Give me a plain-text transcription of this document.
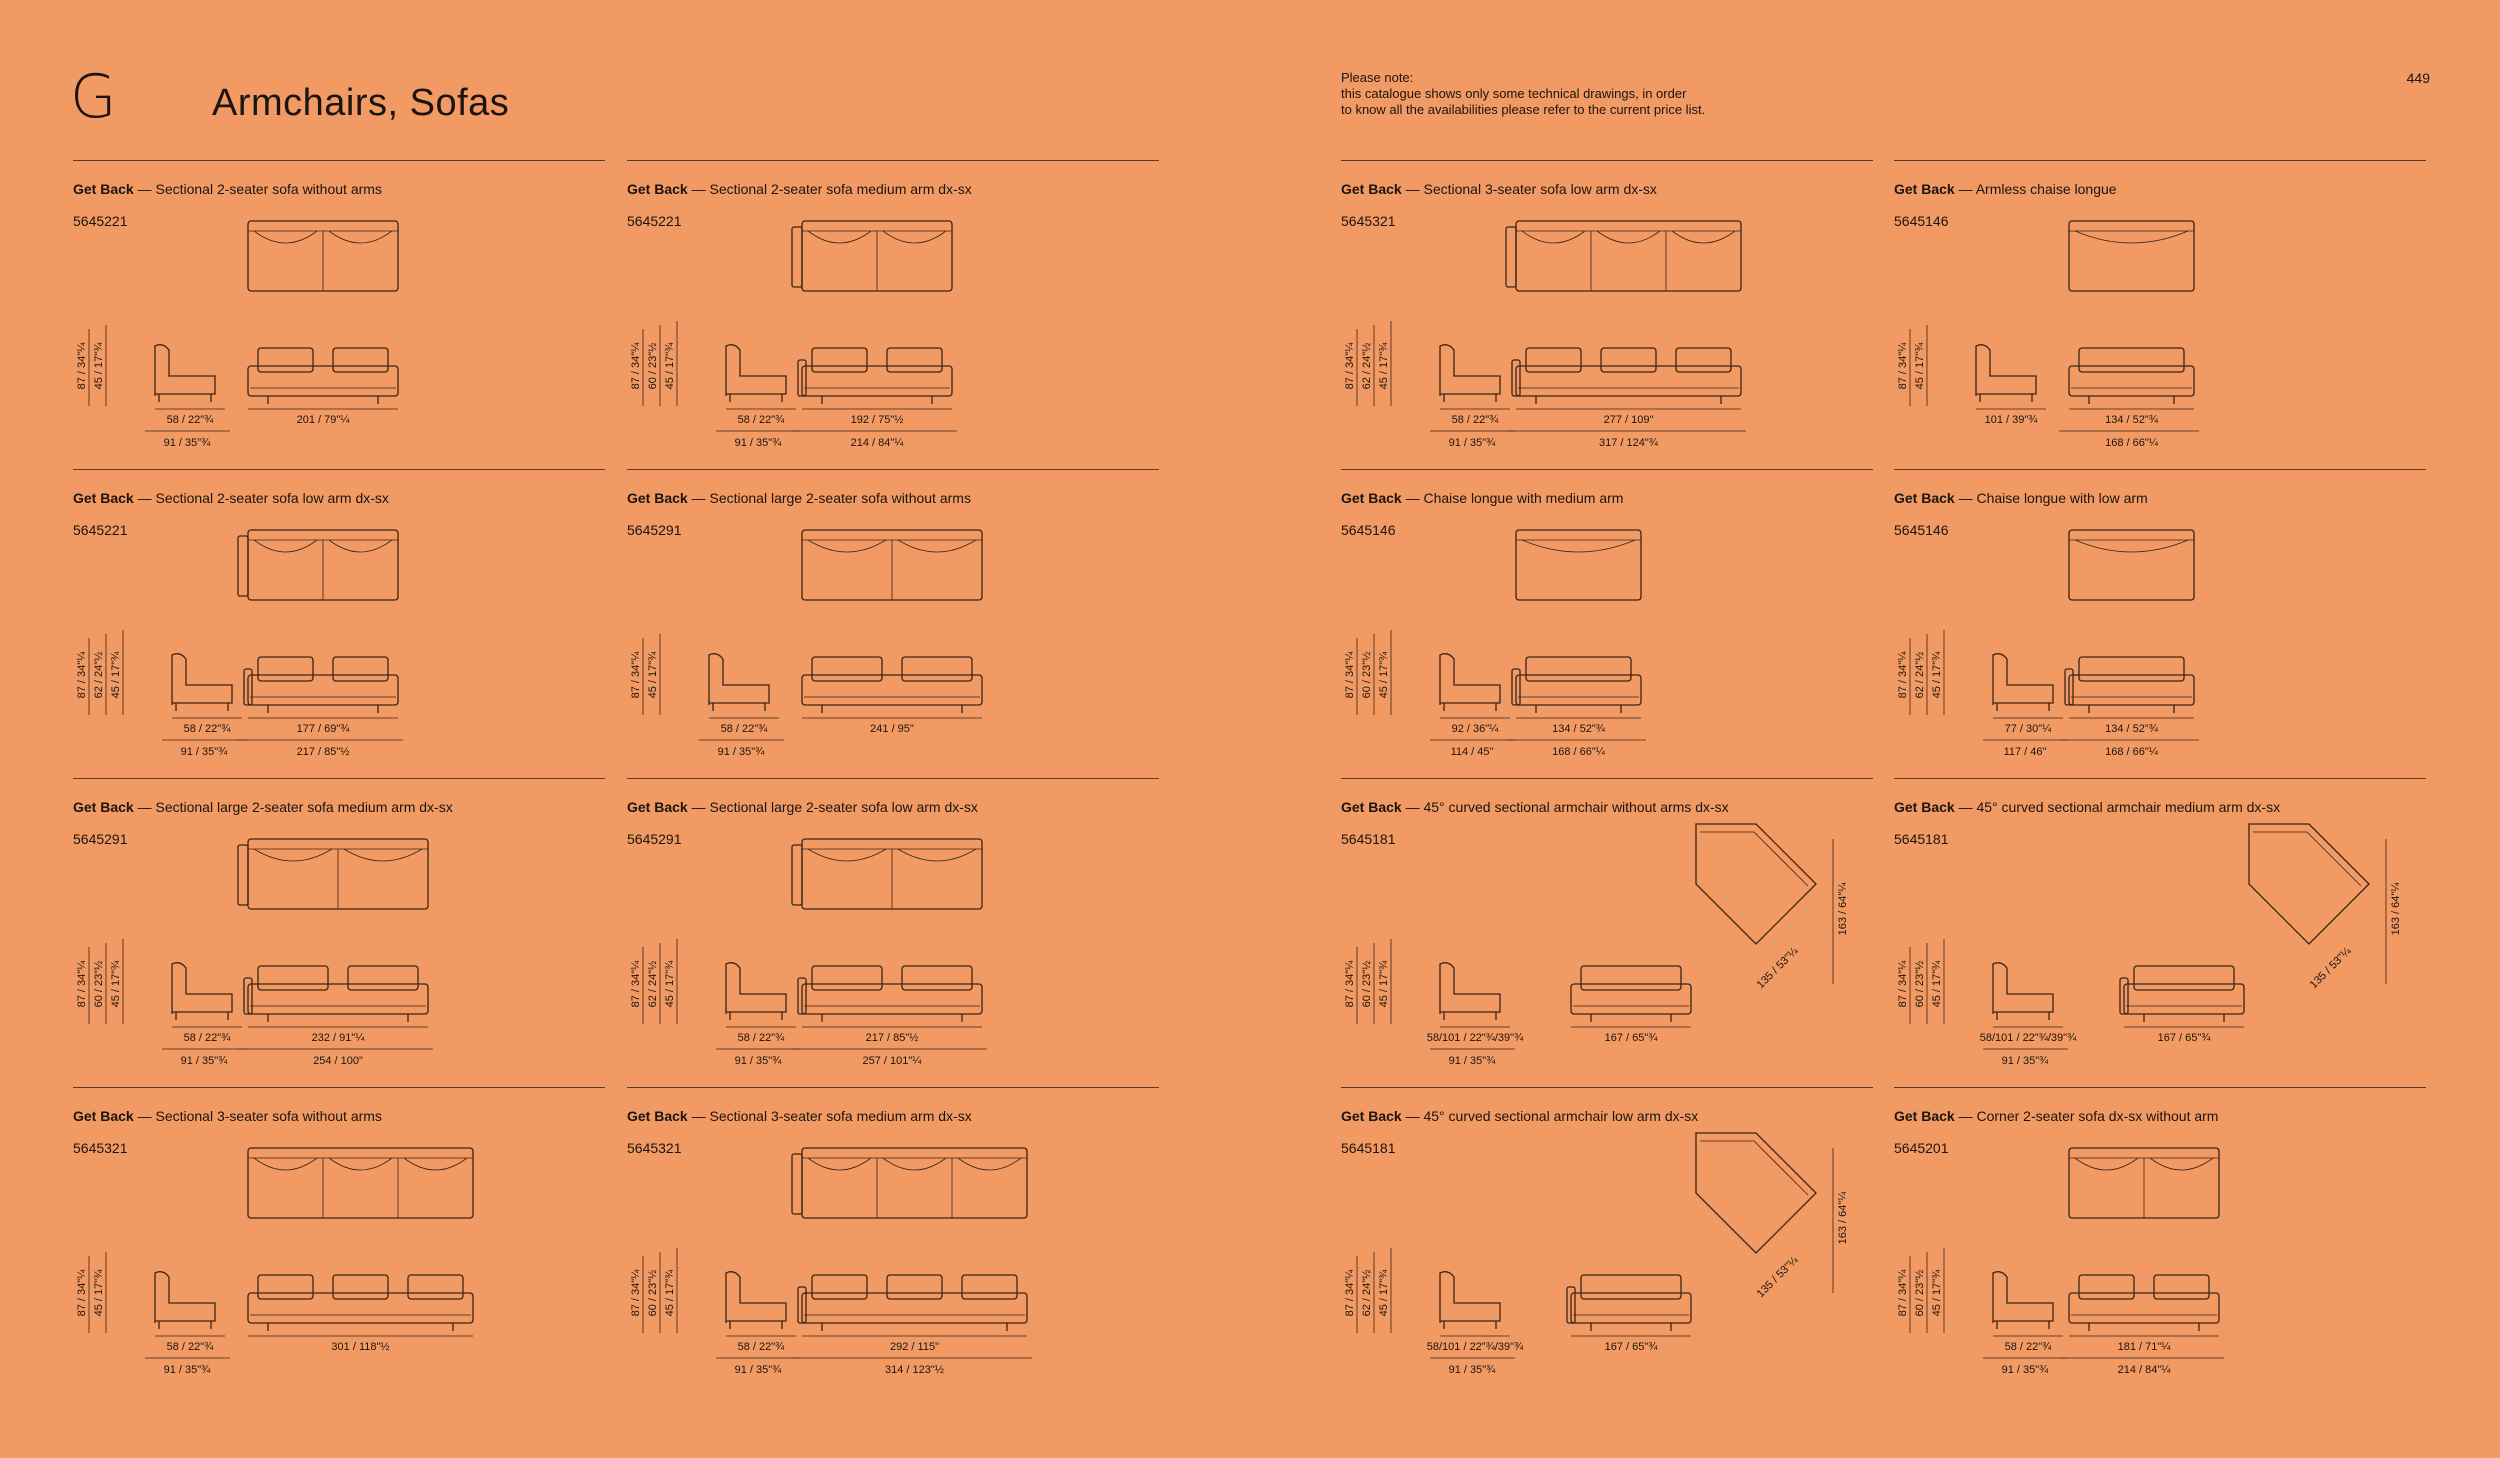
G	Armchairs, Sofas
Please note:
this catalogue shows only some technical drawings, in order
to know all the availabilities please refer to the current price list.
449
Get Back — Sectional 2-seater sofa without arms
5645221
87 / 34"¼ 45 / 17"¾
58 / 22"¾
91 / 35"¾
201 / 79"¼
Get Back — Sectional 2-seater sofa medium arm dx-sx
5645221
87 / 34"¼ 60 / 23"½ 45 / 17"¾
58 / 22"¾
91 / 35"¾
192 / 75"½
214 / 84"¼
Get Back — Sectional 3-seater sofa low arm dx-sx
5645321
87 / 34"¼ 62 / 24"½ 45 / 17"¾
58 / 22"¾
91 / 35"¾
277 / 109"
317 / 124"¾
Get Back — Armless chaise longue
5645146
87 / 34"¼ 45 / 17"¾
101 / 39"¾	134 / 52"¾
168 / 66"¼
Get Back — Sectional 2-seater sofa low arm dx-sx
5645221
87 / 34"¼ 62 / 24"½ 45 / 17"¾
58 / 22"¾
91 / 35"¾
177 / 69"¾
217 / 85"½
Get Back — Sectional large 2-seater sofa without arms
5645291
87 / 34"¼ 45 / 17"¾
58 / 22"¾
91 / 35"¾
241 / 95"
Get Back — Chaise longue with medium arm
5645146
87 / 34"¼ 60 / 23"½ 45 / 17"¾
92 / 36"¼
114 / 45"
134 / 52"¾
168 / 66"¼
Get Back — Chaise longue with low arm
5645146
87 / 34"¼ 62 / 24"½ 45 / 17"¾
77 / 30"¼
117 / 46"
134 / 52"¾
168 / 66"¼
Get Back — Sectional large 2-seater sofa medium arm dx-sx
5645291
87 / 34"¼ 60 / 23"½ 45 / 17"¾
58 / 22"¾
91 / 35"¾
232 / 91"¼
254 / 100"
Get Back — Sectional large 2-seater sofa low arm dx-sx
5645291
87 / 34"¼ 62 / 24"½ 45 / 17"¾
58 / 22"¾
91 / 35"¾
217 / 85"½
257 / 101"¼
Get Back — 45° curved sectional armchair without arms dx-sx
5645181
87 / 34"¼ 60 / 23"½ 45 / 17"¾
58/101 / 22"¾/39"¾
91 / 35"¾
167 / 65"¾
135 / 53"¼
163 / 64"¼
Get Back — 45° curved sectional armchair medium arm dx-sx
5645181
87 / 34"¼ 60 / 23"½ 45 / 17"¾
58/101 / 22"¾/39"¾
91 / 35"¾
167 / 65"¾
135 / 53"¼
163 / 64"¼
Get Back — Sectional 3-seater sofa without arms
5645321
87 / 34"¼ 45 / 17"¾
58 / 22"¾
91 / 35"¾
301 / 118"½
Get Back — Sectional 3-seater sofa medium arm dx-sx
5645321
87 / 34"¼ 60 / 23"½ 45 / 17"¾
58 / 22"¾
91 / 35"¾
292 / 115"
314 / 123"½
Get Back — 45° curved sectional armchair low arm dx-sx
5645181
87 / 34"¼ 62 / 24"½ 45 / 17"¾
58/101 / 22"¾/39"¾
91 / 35"¾
167 / 65"¾
135 / 53"¼
163 / 64"¼
Get Back — Corner 2-seater sofa dx-sx without arm
5645201
87 / 34"¼ 60 / 23"½ 45 / 17"¾
58 / 22"¾
91 / 35"¾
181 / 71"¼
214 / 84"¼
